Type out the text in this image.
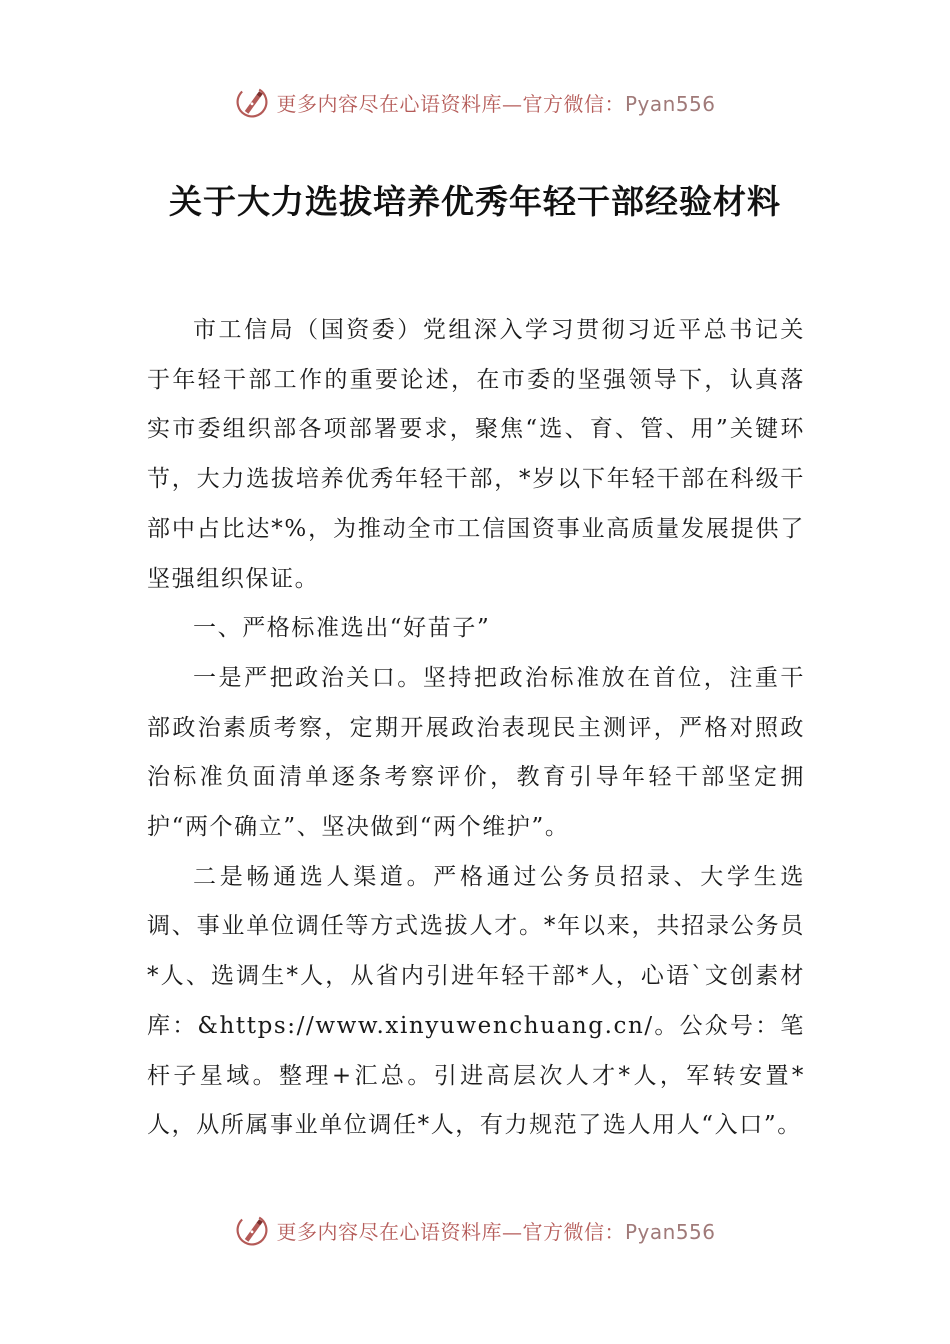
更多内容尽在心语资料库—官方微信：Pyan556
关于大力选拔培养优秀年轻干部经验材料

市工信局（国资委）党组深入学习贯彻习近平总书记关于年轻干部工作的重要论述，在市委的坚强领导下，认真落实市委组织部各项部署要求，聚焦“选、育、管、用”关键环节，大力选拔培养优秀年轻干部，*岁以下年轻干部在科级干部中占比达*%，为推动全市工信国资事业高质量发展提供了坚强组织保证。

一、严格标准选出“好苗子”

一是严把政治关口。坚持把政治标准放在首位，注重干部政治素质考察，定期开展政治表现民主测评，严格对照政治标准负面清单逐条考察评价，教育引导年轻干部坚定拥护“两个确立”、坚决做到“两个维护”。

二是畅通选人渠道。严格通过公务员招录、大学生选调、事业单位调任等方式选拔人才。*年以来，共招录公务员*人、选调生*人，从省内引进年轻干部*人，心语`文创素材库：&https://www.xinyuwenchuang.cn/。公众号：笔杆子星域。整理+汇总。引进高层次人才*人，军转安置*人，从所属事业单位调任*人，有力规范了选人用人“入口”。

更多内容尽在心语资料库—官方微信：Pyan556
